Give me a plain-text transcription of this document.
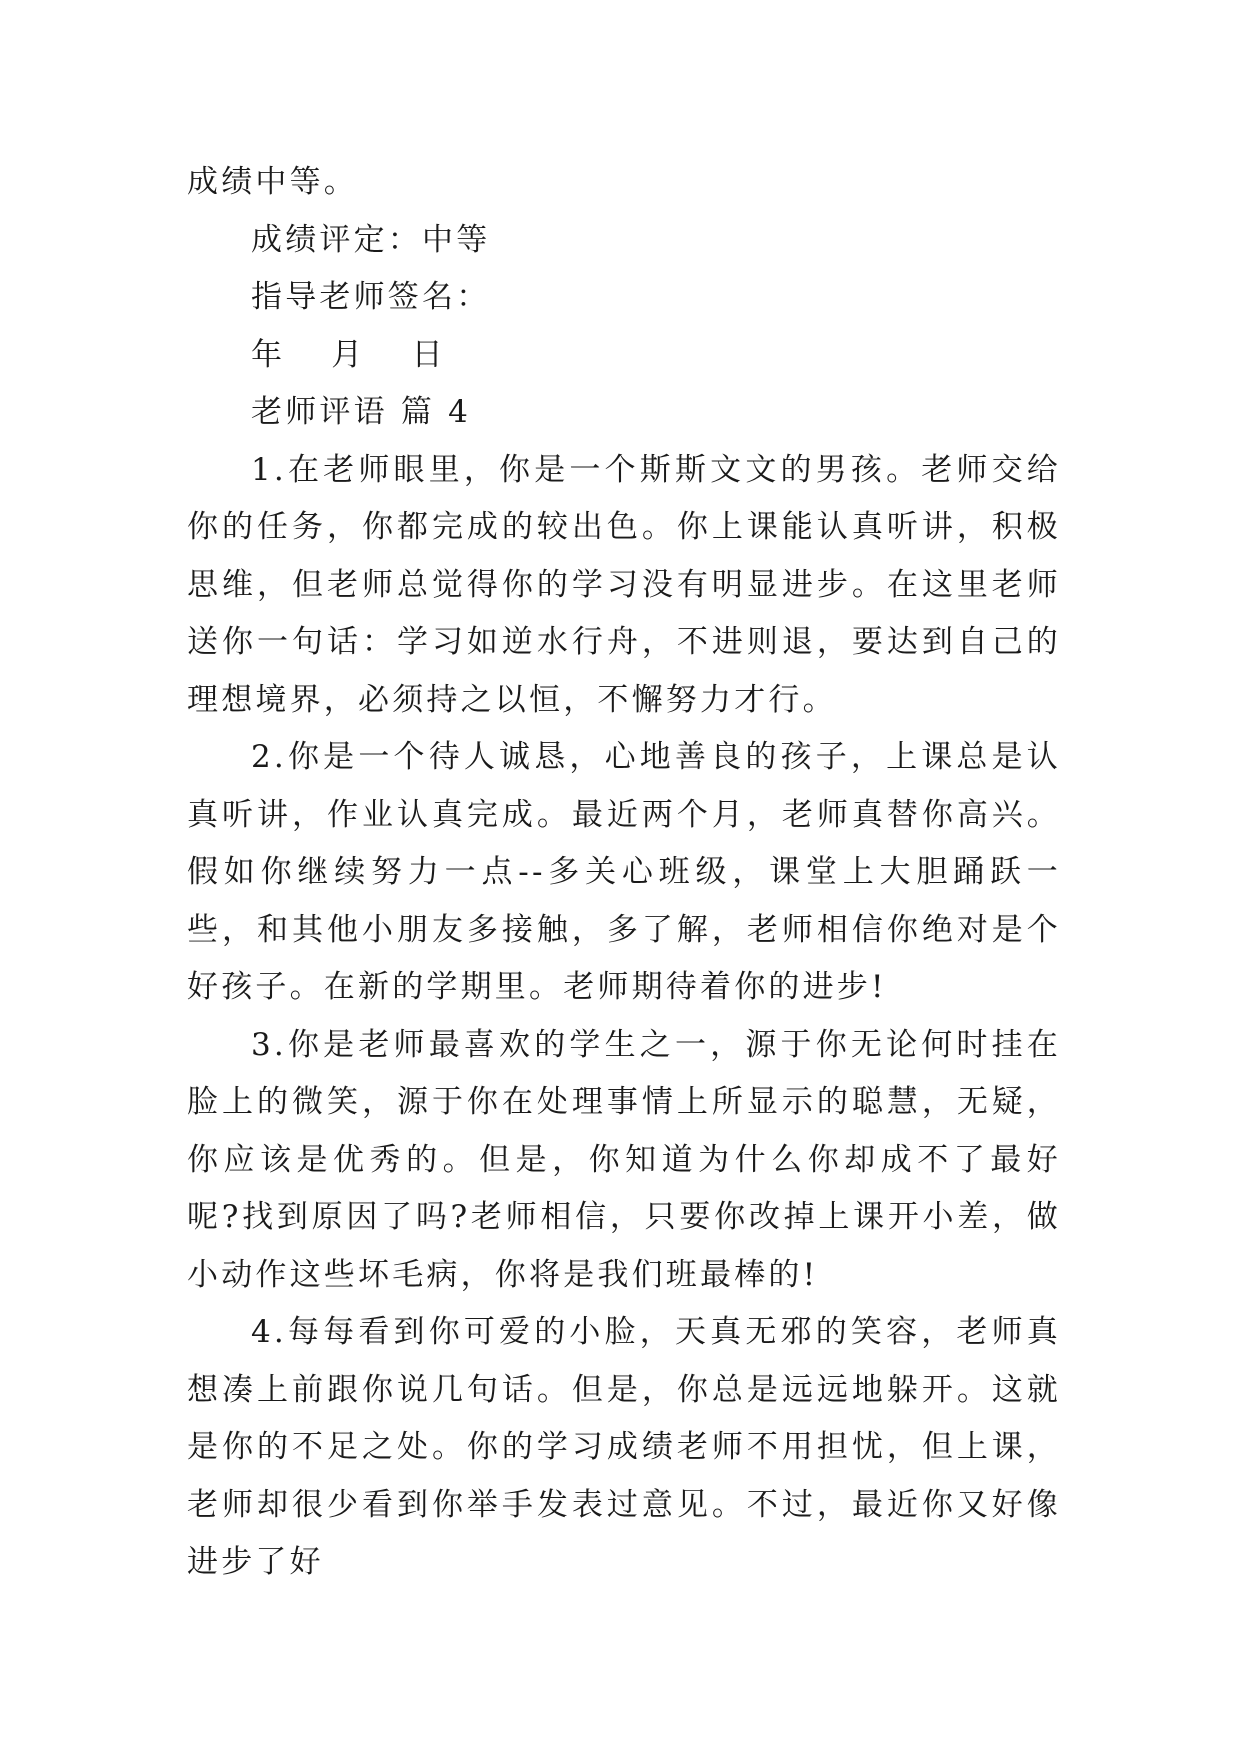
成绩中等。

成绩评定：中等

指导老师签名：

年  月  日

老师评语 篇 4

1.在老师眼里，你是一个斯斯文文的男孩。老师交给你的任务，你都完成的较出色。你上课能认真听讲，积极思维，但老师总觉得你的学习没有明显进步。在这里老师送你一句话：学习如逆水行舟，不进则退，要达到自己的理想境界，必须持之以恒，不懈努力才行。

2.你是一个待人诚恳，心地善良的孩子，上课总是认真听讲，作业认真完成。最近两个月，老师真替你高兴。假如你继续努力一点--多关心班级，课堂上大胆踊跃一些，和其他小朋友多接触，多了解，老师相信你绝对是个好孩子。在新的学期里。老师期待着你的进步!

3.你是老师最喜欢的学生之一，源于你无论何时挂在脸上的微笑，源于你在处理事情上所显示的聪慧，无疑，你应该是优秀的。但是，你知道为什么你却成不了最好呢?找到原因了吗?老师相信，只要你改掉上课开小差，做小动作这些坏毛病，你将是我们班最棒的!

4.每每看到你可爱的小脸，天真无邪的笑容，老师真想凑上前跟你说几句话。但是，你总是远远地躲开。这就是你的不足之处。你的学习成绩老师不用担忧，但上课，老师却很少看到你举手发表过意见。不过，最近你又好像进步了好
